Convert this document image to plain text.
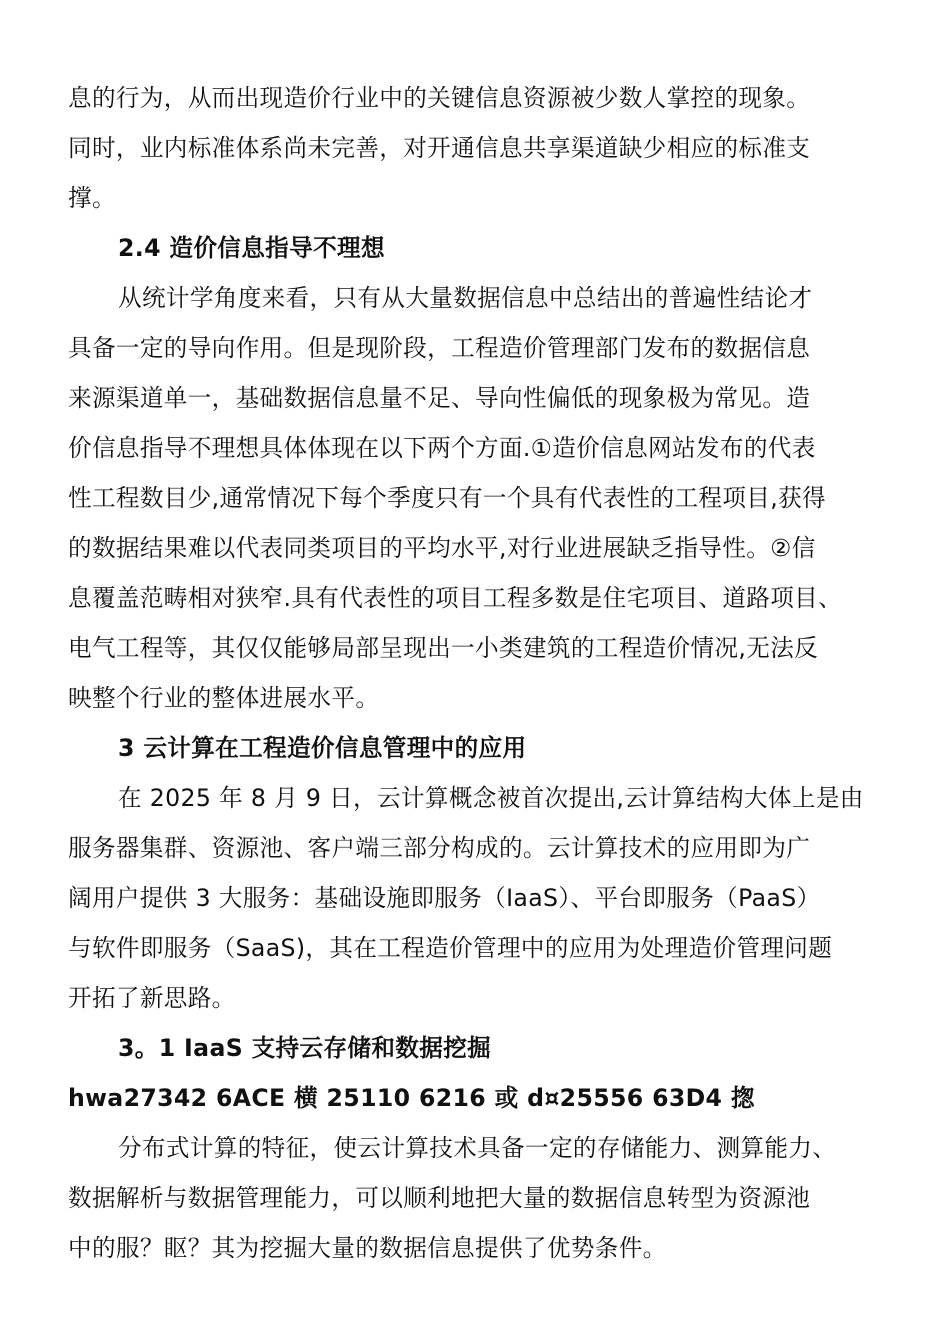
息的行为，从而出现造价行业中的关键信息资源被少数人掌控的现象。
同时，业内标准体系尚未完善，对开通信息共享渠道缺少相应的标准支
撑。
2.4 造价信息指导不理想
从统计学角度来看，只有从大量数据信息中总结出的普遍性结论才
具备一定的导向作用。但是现阶段，工程造价管理部门发布的数据信息
来源渠道单一，基础数据信息量不足、导向性偏低的现象极为常见。造
价信息指导不理想具体体现在以下两个方面.①造价信息网站发布的代表
性工程数目少,通常情况下每个季度只有一个具有代表性的工程项目,获得
的数据结果难以代表同类项目的平均水平,对行业进展缺乏指导性。②信
息覆盖范畴相对狭窄.具有代表性的项目工程多数是住宅项目、道路项目、
电气工程等，其仅仅能够局部呈现出一小类建筑的工程造价情况,无法反
映整个行业的整体进展水平。
3 云计算在工程造价信息管理中的应用
在 2025 年 8 月 9 日，云计算概念被首次提出,云计算结构大体上是由
服务器集群、资源池、客户端三部分构成的。云计算技术的应用即为广
阔用户提供 3 大服务：基础设施即服务（IaaS）、平台即服务（PaaS）
与软件即服务（SaaS)，其在工程造价管理中的应用为处理造价管理问题
开拓了新思路。
3。1 IaaS 支持云存储和数据挖掘
hwa27342 6ACE 横 25110 6216 或 d¤25556 63D4 揔
分布式计算的特征，使云计算技术具备一定的存储能力、测算能力、
数据解析与数据管理能力，可以顺利地把大量的数据信息转型为资源池
中的服？眍？其为挖掘大量的数据信息提供了优势条件。
